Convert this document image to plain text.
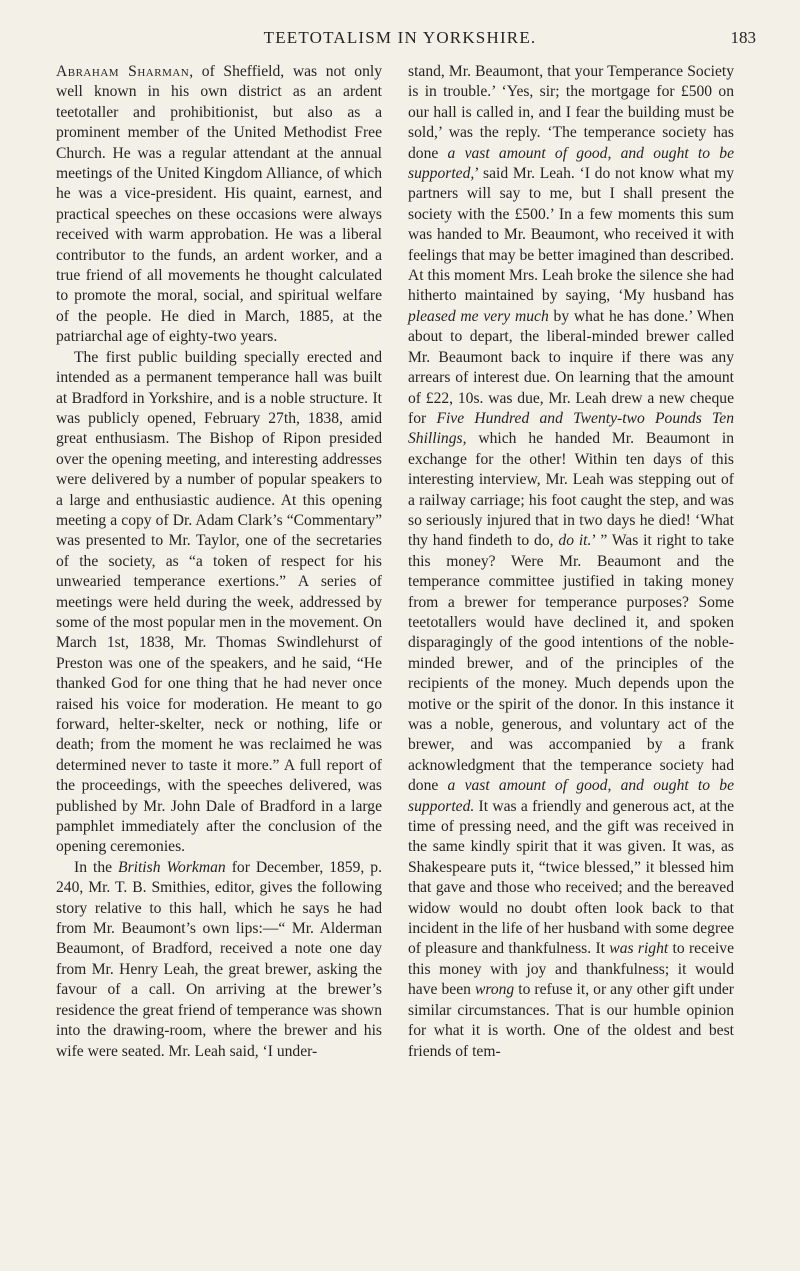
TEETOTALISM IN YORKSHIRE.	183

Abraham Sharman, of Sheffield, was not only well known in his own district as an ardent teetotaller and prohibitionist, but also as a prominent member of the United Methodist Free Church. He was a regular attendant at the annual meetings of the United Kingdom Alliance, of which he was a vice-president. His quaint, earnest, and practical speeches on these occasions were always received with warm approbation. He was a liberal contributor to the funds, an ardent worker, and a true friend of all movements he thought calculated to promote the moral, social, and spiritual welfare of the people. He died in March, 1885, at the patriarchal age of eighty-two years.

The first public building specially erected and intended as a permanent temperance hall was built at Bradford in Yorkshire, and is a noble structure. It was publicly opened, February 27th, 1838, amid great enthusiasm. The Bishop of Ripon presided over the opening meeting, and interesting addresses were delivered by a number of popular speakers to a large and enthusiastic audience. At this opening meeting a copy of Dr. Adam Clark’s “Commentary” was presented to Mr. Taylor, one of the secretaries of the society, as “a token of respect for his unwearied temperance exertions.” A series of meetings were held during the week, addressed by some of the most popular men in the movement. On March 1st, 1838, Mr. Thomas Swindlehurst of Preston was one of the speakers, and he said, “He thanked God for one thing that he had never once raised his voice for moderation. He meant to go forward, helter-skelter, neck or nothing, life or death; from the moment he was reclaimed he was determined never to taste it more.” A full report of the proceedings, with the speeches delivered, was published by Mr. John Dale of Bradford in a large pamphlet immediately after the conclusion of the opening ceremonies.

In the British Workman for December, 1859, p. 240, Mr. T. B. Smithies, editor, gives the following story relative to this hall, which he says he had from Mr. Beaumont’s own lips:—“ Mr. Alderman Beaumont, of Bradford, received a note one day from Mr. Henry Leah, the great brewer, asking the favour of a call. On arriving at the brewer’s residence the great friend of temperance was shown into the drawing-room, where the brewer and his wife were seated. Mr. Leah said, ‘I under-

stand, Mr. Beaumont, that your Temperance Society is in trouble.’ ‘Yes, sir; the mortgage for £500 on our hall is called in, and I fear the building must be sold,’ was the reply. ‘The temperance society has done a vast amount of good, and ought to be supported,’ said Mr. Leah. ‘I do not know what my partners will say to me, but I shall present the society with the £500.’ In a few moments this sum was handed to Mr. Beaumont, who received it with feelings that may be better imagined than described. At this moment Mrs. Leah broke the silence she had hitherto maintained by saying, ‘My husband has pleased me very much by what he has done.’ When about to depart, the liberal-minded brewer called Mr. Beaumont back to inquire if there was any arrears of interest due. On learning that the amount of £22, 10s. was due, Mr. Leah drew a new cheque for Five Hundred and Twenty-two Pounds Ten Shillings, which he handed Mr. Beaumont in exchange for the other! Within ten days of this interesting interview, Mr. Leah was stepping out of a railway carriage; his foot caught the step, and was so seriously injured that in two days he died! ‘What thy hand findeth to do, do it.’ ” Was it right to take this money? Were Mr. Beaumont and the temperance committee justified in taking money from a brewer for temperance purposes? Some teetotallers would have declined it, and spoken disparagingly of the good intentions of the noble-minded brewer, and of the principles of the recipients of the money. Much depends upon the motive or the spirit of the donor. In this instance it was a noble, generous, and voluntary act of the brewer, and was accompanied by a frank acknowledgment that the temperance society had done a vast amount of good, and ought to be supported. It was a friendly and generous act, at the time of pressing need, and the gift was received in the same kindly spirit that it was given. It was, as Shakespeare puts it, “twice blessed,” it blessed him that gave and those who received; and the bereaved widow would no doubt often look back to that incident in the life of her husband with some degree of pleasure and thankfulness. It was right to receive this money with joy and thankfulness; it would have been wrong to refuse it, or any other gift under similar circumstances. That is our humble opinion for what it is worth. One of the oldest and best friends of tem-
